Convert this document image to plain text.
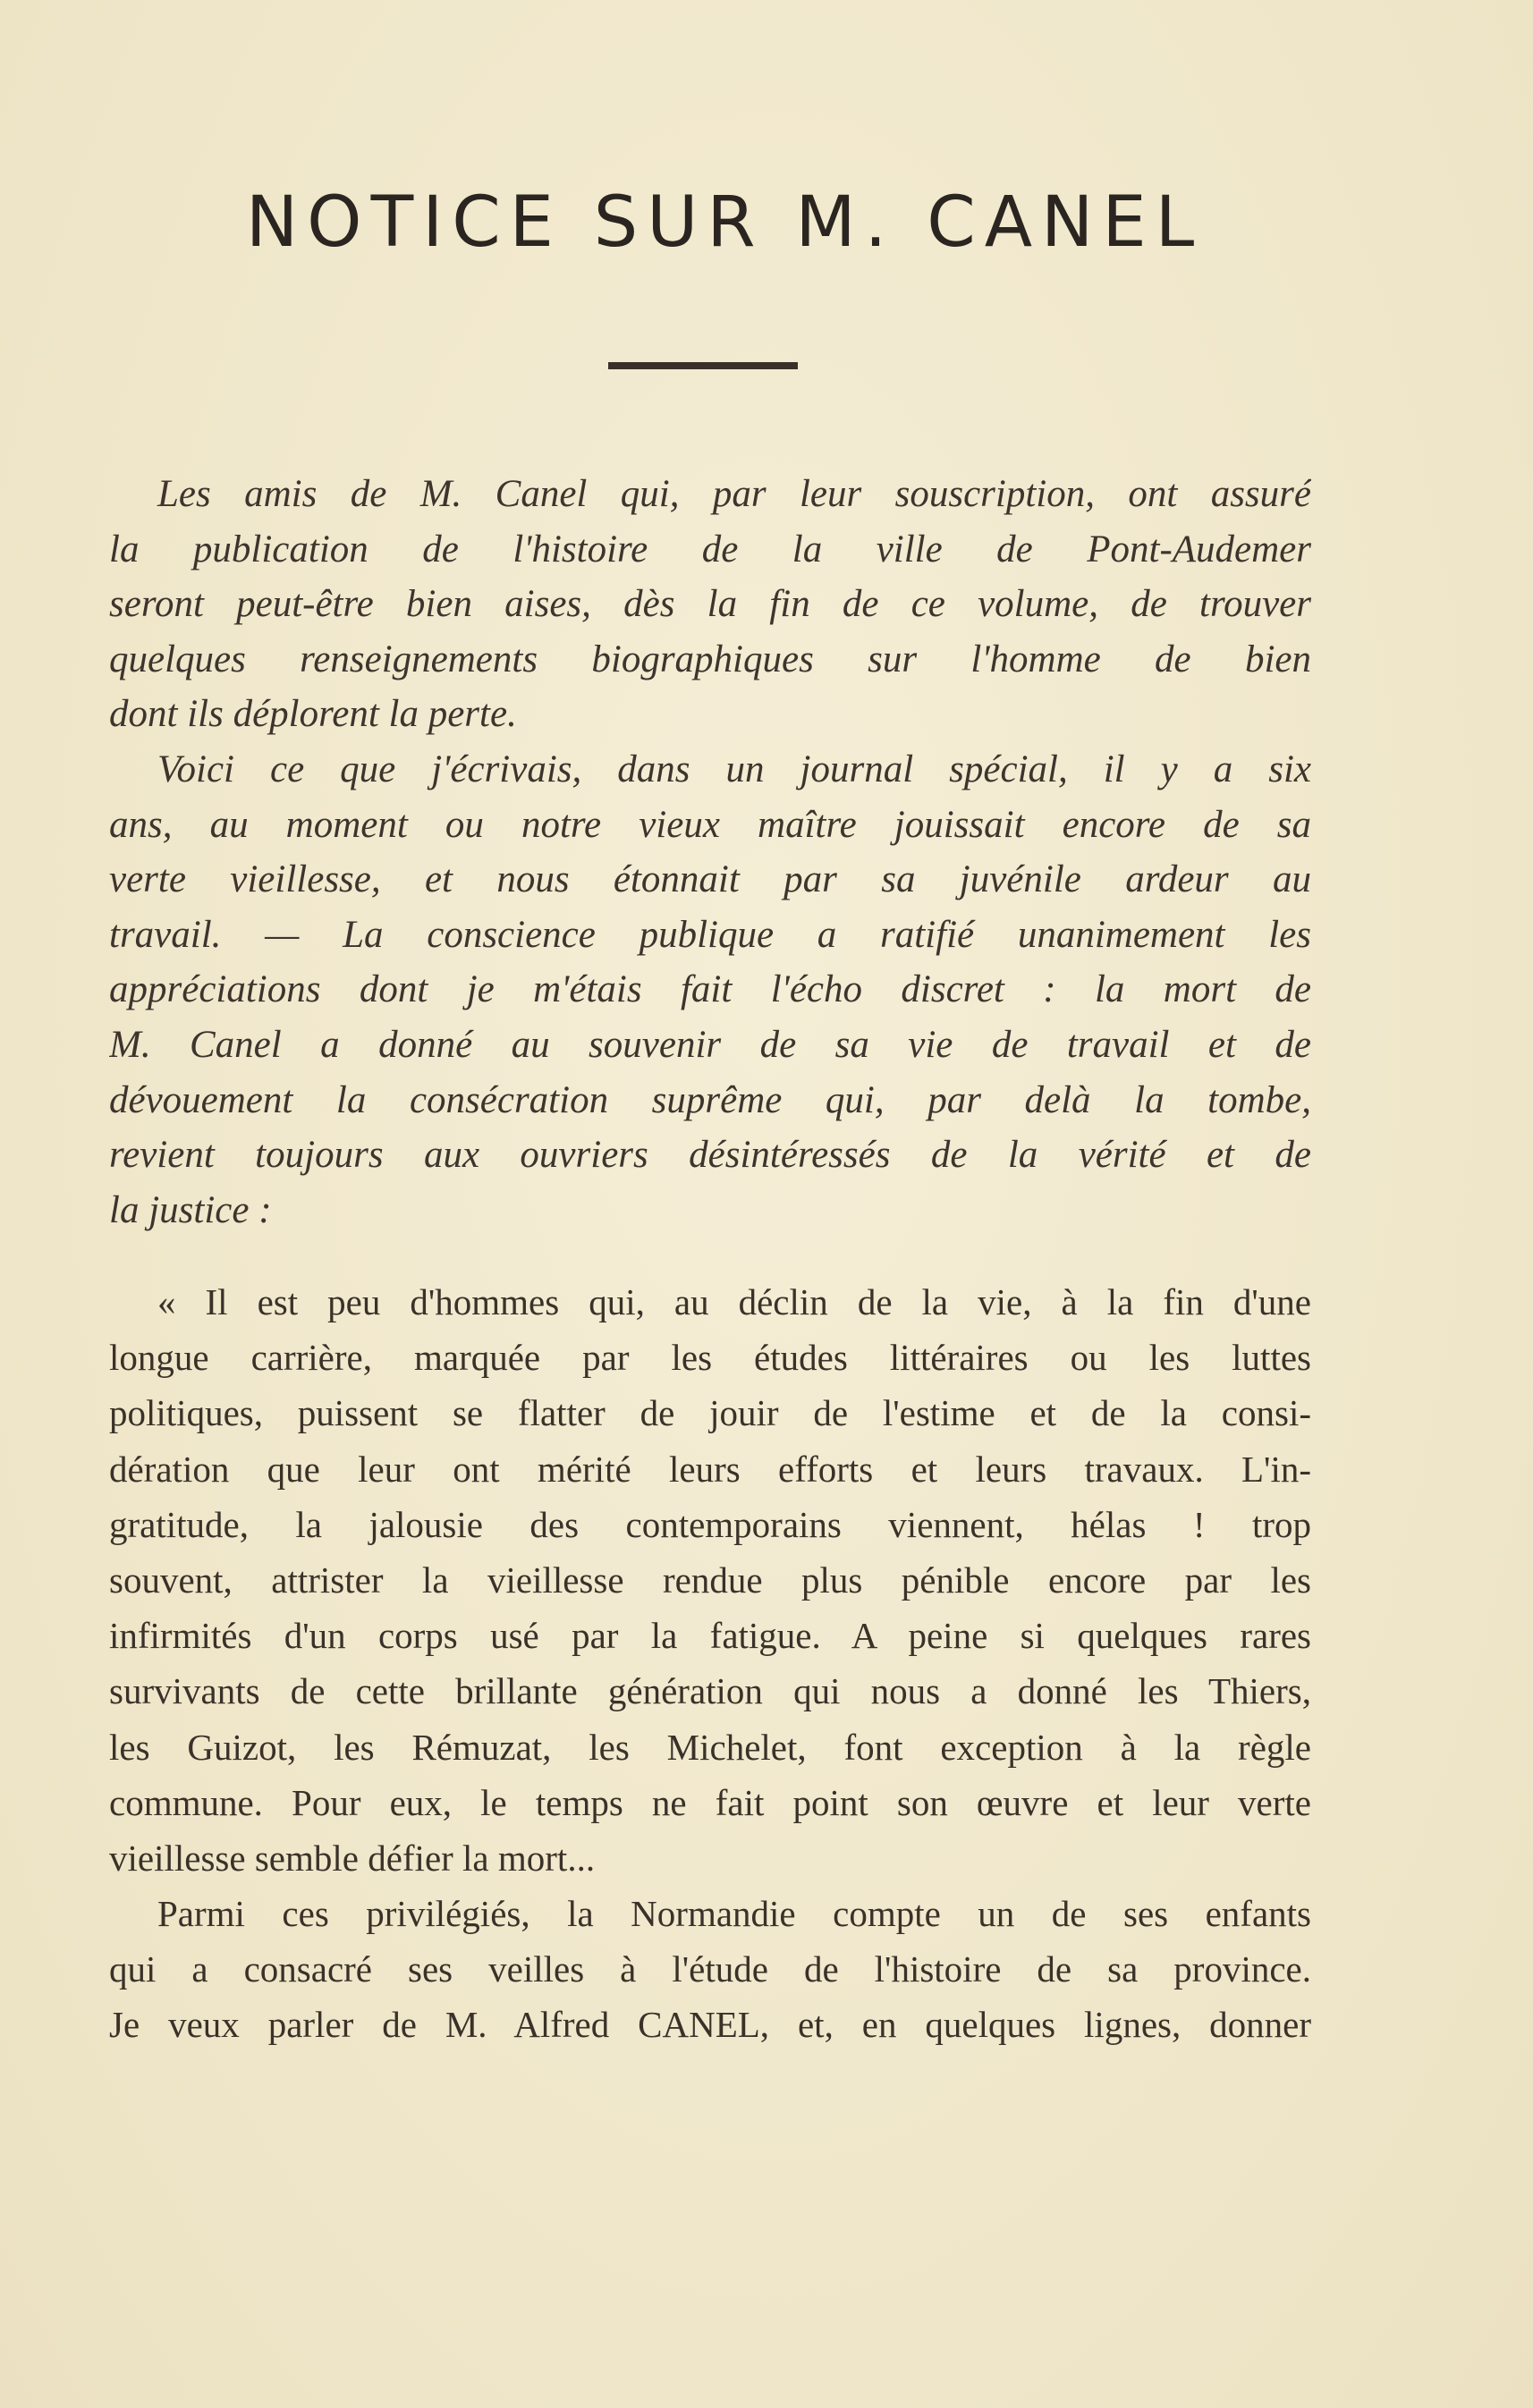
NOTICE SUR M. CANEL
Les amis de M. Canel qui, par leur souscription, ont assuré
la publication de l'histoire de la ville de Pont-Audemer
seront peut-être bien aises, dès la fin de ce volume, de trouver
quelques renseignements biographiques sur l'homme de bien
dont ils déplorent la perte.
Voici ce que j'écrivais, dans un journal spécial, il y a six
ans, au moment ou notre vieux maître jouissait encore de sa
verte vieillesse, et nous étonnait par sa juvénile ardeur au
travail. — La conscience publique a ratifié unanimement les
appréciations dont je m'étais fait l'écho discret : la mort de
M. Canel a donné au souvenir de sa vie de travail et de
dévouement la consécration suprême qui, par delà la tombe,
revient toujours aux ouvriers désintéressés de la vérité et de
la justice :
« Il est peu d'hommes qui, au déclin de la vie, à la fin d'une
longue carrière, marquée par les études littéraires ou les luttes
politiques, puissent se flatter de jouir de l'estime et de la consi-
dération que leur ont mérité leurs efforts et leurs travaux. L'in-
gratitude, la jalousie des contemporains viennent, hélas ! trop
souvent, attrister la vieillesse rendue plus pénible encore par les
infirmités d'un corps usé par la fatigue. A peine si quelques rares
survivants de cette brillante génération qui nous a donné les Thiers,
les Guizot, les Rémuzat, les Michelet, font exception à la règle
commune. Pour eux, le temps ne fait point son œuvre et leur verte
vieillesse semble défier la mort...
Parmi ces privilégiés, la Normandie compte un de ses enfants
qui a consacré ses veilles à l'étude de l'histoire de sa province.
Je veux parler de M. Alfred CANEL, et, en quelques lignes, donner
